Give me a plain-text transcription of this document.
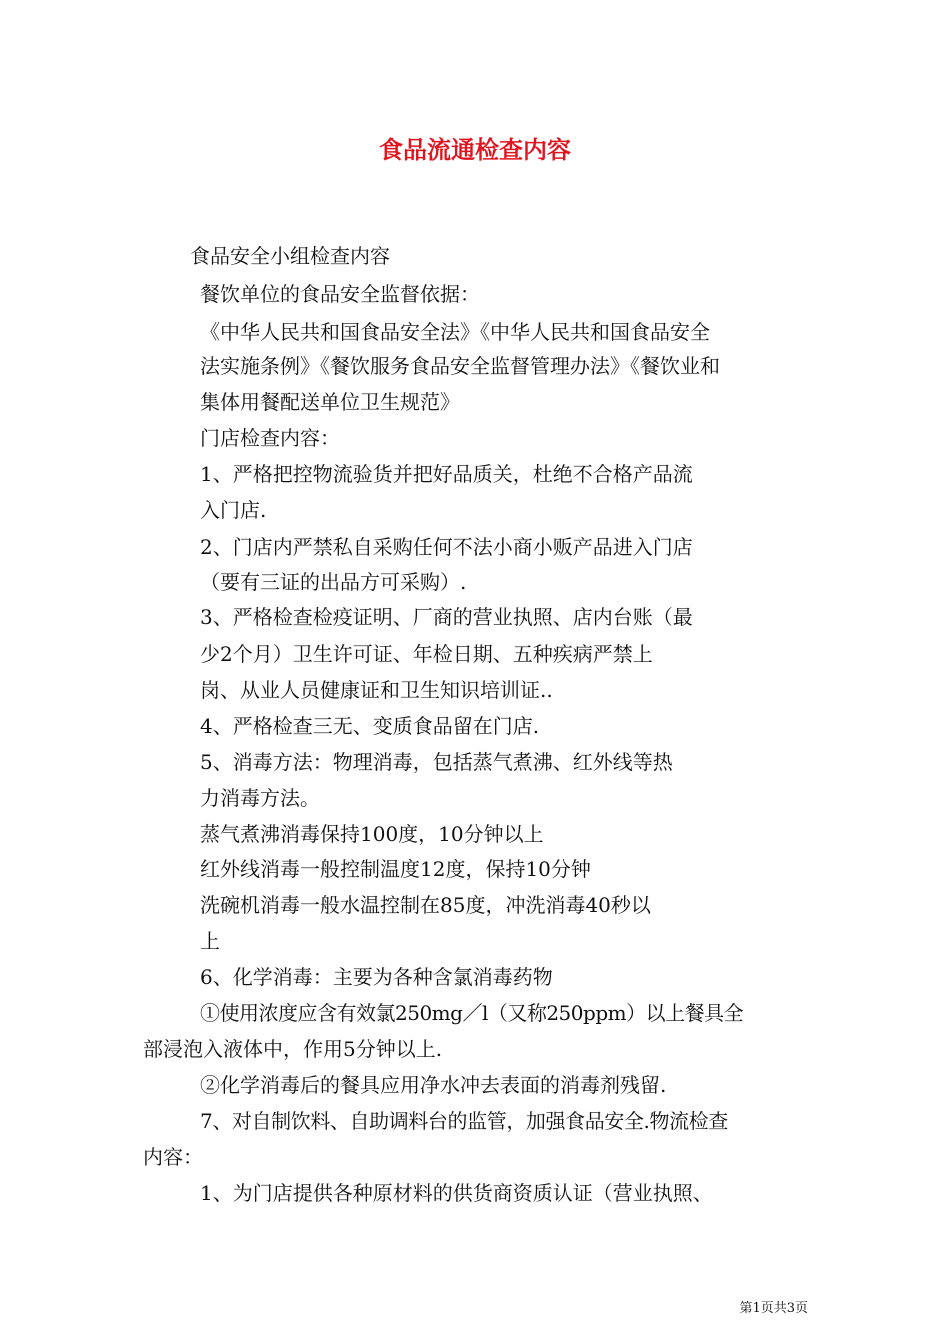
食品流通检查内容

食品安全小组检查内容

餐饮单位的食品安全监督依据：

《中华人民共和国食品安全法》《中华人民共和国食品安全

法实施条例》《餐饮服务食品安全监督管理办法》《餐饮业和

集体用餐配送单位卫生规范》

门店检查内容：

1、严格把控物流验货并把好品质关，杜绝不合格产品流

入门店.

2、门店内严禁私自采购任何不法小商小贩产品进入门店

（要有三证的出品方可采购）.

3、严格检查检疫证明、厂商的营业执照、店内台账（最

少2个月）卫生许可证、年检日期、五种疾病严禁上

岗、从业人员健康证和卫生知识培训证..

4、严格检查三无、变质食品留在门店.

5、消毒方法：物理消毒，包括蒸气煮沸、红外线等热

力消毒方法。

蒸气煮沸消毒保持100度，10分钟以上

红外线消毒一般控制温度12度，保持10分钟

洗碗机消毒一般水温控制在85度，冲洗消毒40秒以

上

6、化学消毒：主要为各种含氯消毒药物

①使用浓度应含有效氯250mg／l（又称250ppm）以上餐具全

部浸泡入液体中，作用5分钟以上.

②化学消毒后的餐具应用净水冲去表面的消毒剂残留.

7、对自制饮料、自助调料台的监管，加强食品安全.物流检查

内容：

1、为门店提供各种原材料的供货商资质认证（营业执照、

第1页共3页
